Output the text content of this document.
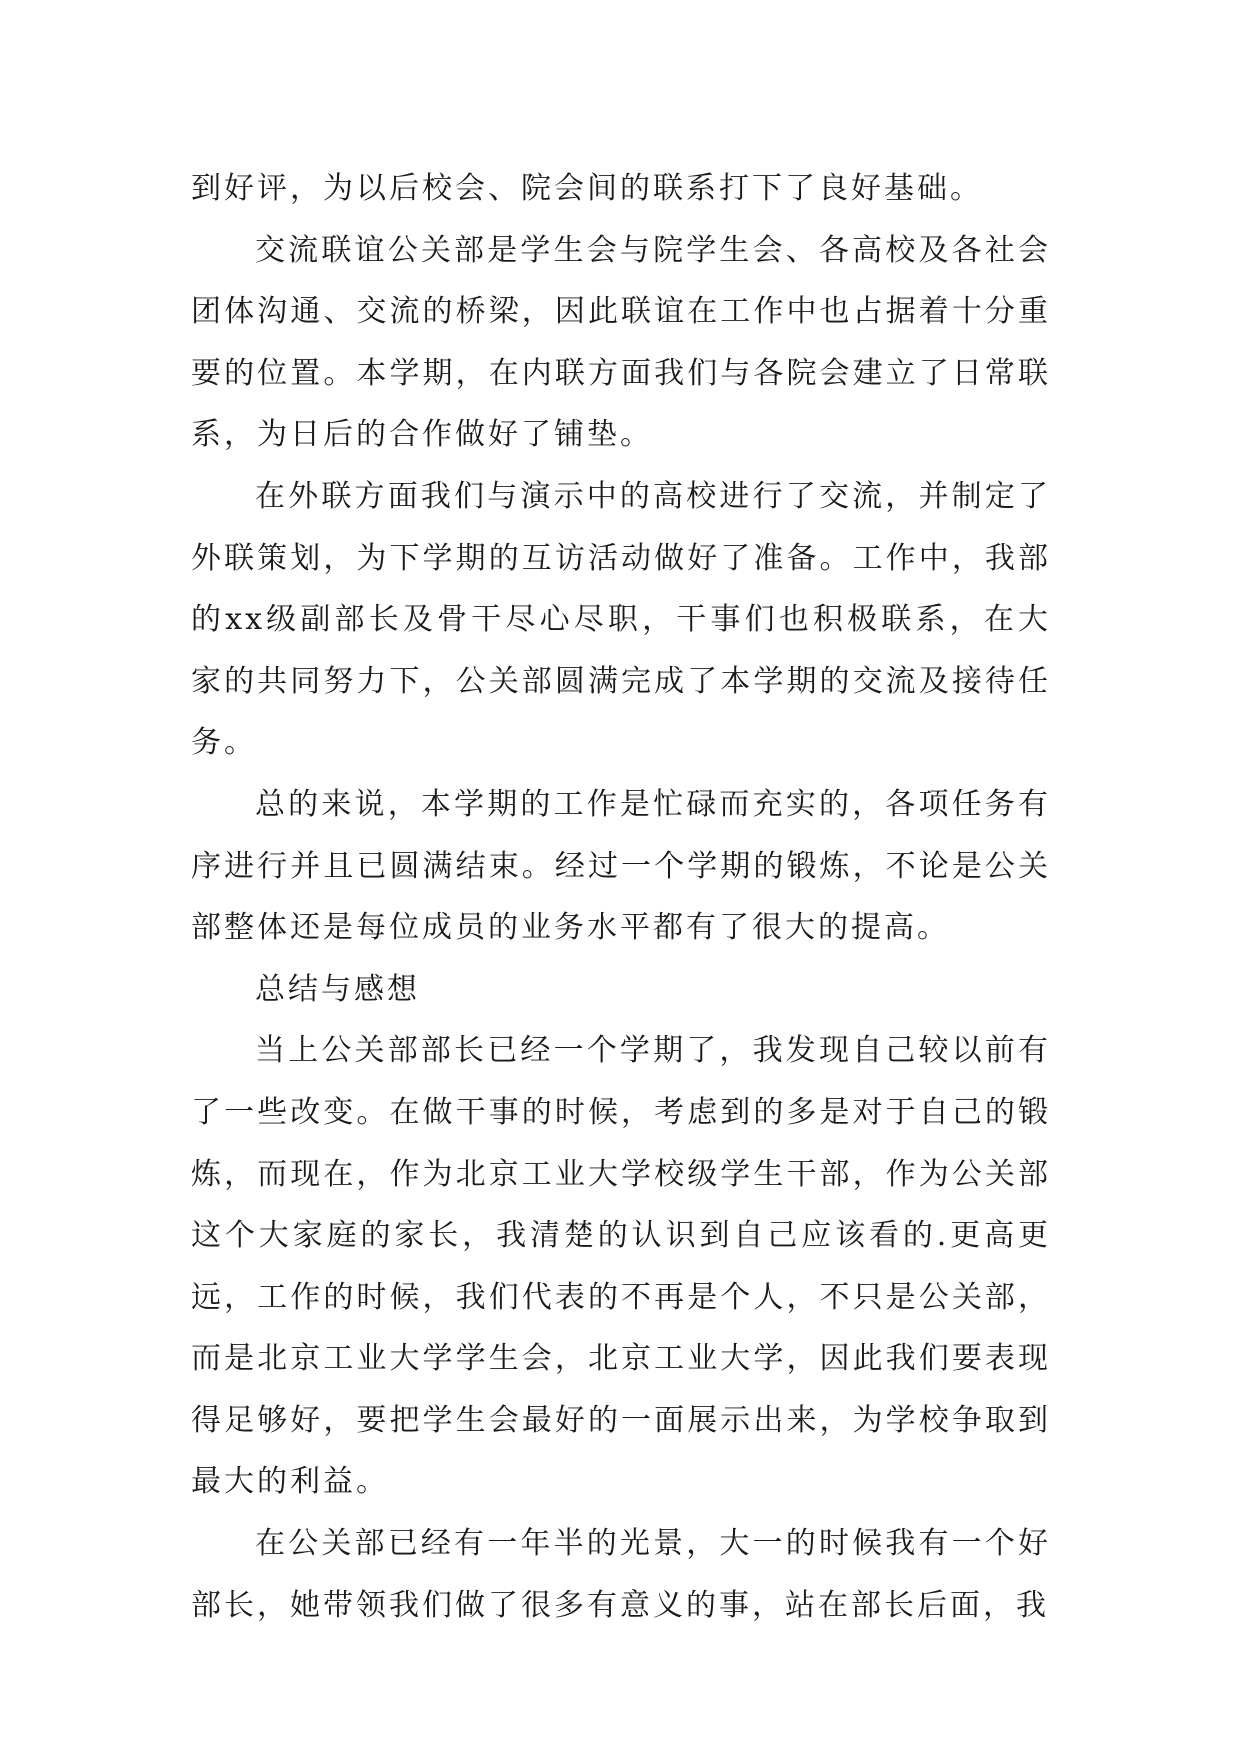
到好评，为以后校会、院会间的联系打下了良好基础。

交流联谊公关部是学生会与院学生会、各高校及各社会团体沟通、交流的桥梁，因此联谊在工作中也占据着十分重要的位置。本学期，在内联方面我们与各院会建立了日常联系，为日后的合作做好了铺垫。

在外联方面我们与演示中的高校进行了交流，并制定了外联策划，为下学期的互访活动做好了准备。工作中，我部的xx级副部长及骨干尽心尽职，干事们也积极联系，在大家的共同努力下，公关部圆满完成了本学期的交流及接待任务。

总的来说，本学期的工作是忙碌而充实的，各项任务有序进行并且已圆满结束。经过一个学期的锻炼，不论是公关部整体还是每位成员的业务水平都有了很大的提高。

总结与感想

当上公关部部长已经一个学期了，我发现自己较以前有了一些改变。在做干事的时候，考虑到的多是对于自己的锻炼，而现在，作为北京工业大学校级学生干部，作为公关部这个大家庭的家长，我清楚的认识到自己应该看的.更高更远，工作的时候，我们代表的不再是个人，不只是公关部，而是北京工业大学学生会，北京工业大学，因此我们要表现得足够好，要把学生会最好的一面展示出来，为学校争取到最大的利益。

在公关部已经有一年半的光景，大一的时候我有一个好部长，她带领我们做了很多有意义的事，站在部长后面，我
